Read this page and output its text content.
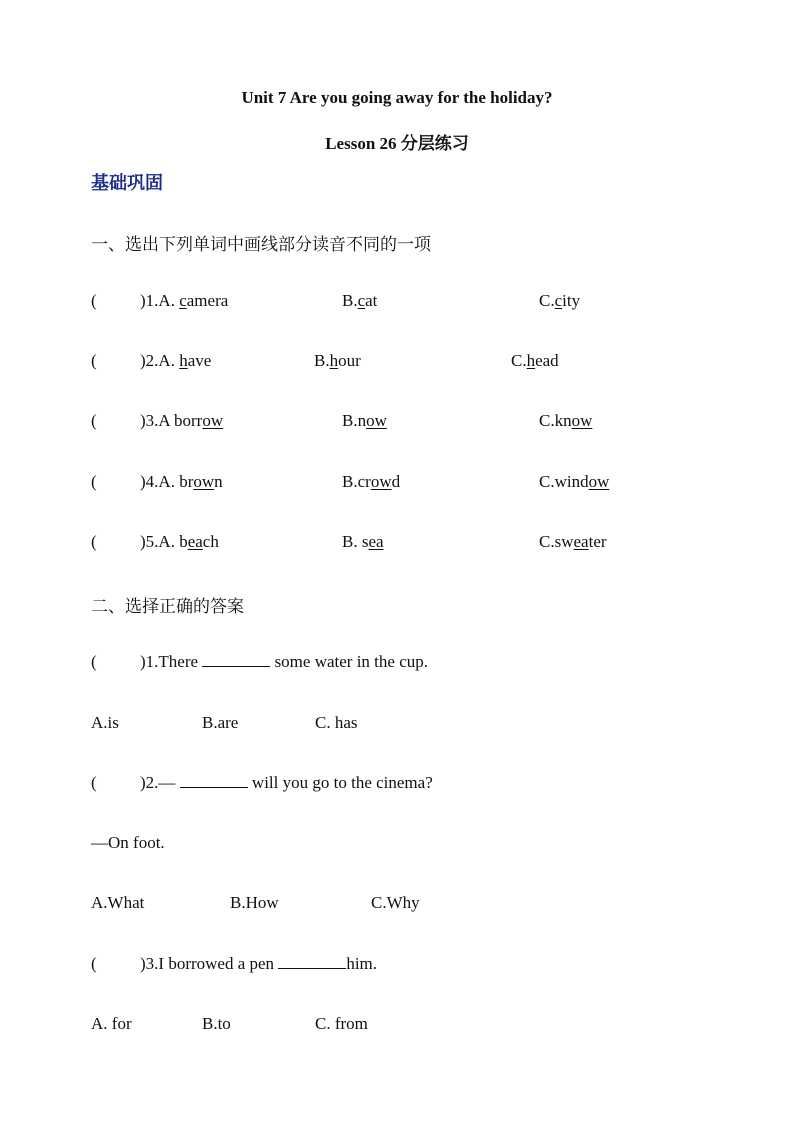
Unit 7 Are you going away for the holiday?
Lesson 26 分层练习
基础巩固
一、选出下列单词中画线部分读音不同的一项
(	)1.A. camera	B.cat	C.city
(	)2.A. have	B.hour	C.head
(	)3.A borrow	B.now	C.know
(	)4.A. brown	B.crowd	C.window
(	)5.A. beach	B. sea	C.sweater
二、选择正确的答案
(	)1.There	some water in the cup.
A.is	B.are	C. has
(	)2.—	will you go to the cinema?
—On foot.
A.What	B.How	C.Why
(	)3.I borrowed a pen	him.
A. for	B.to	C. from
